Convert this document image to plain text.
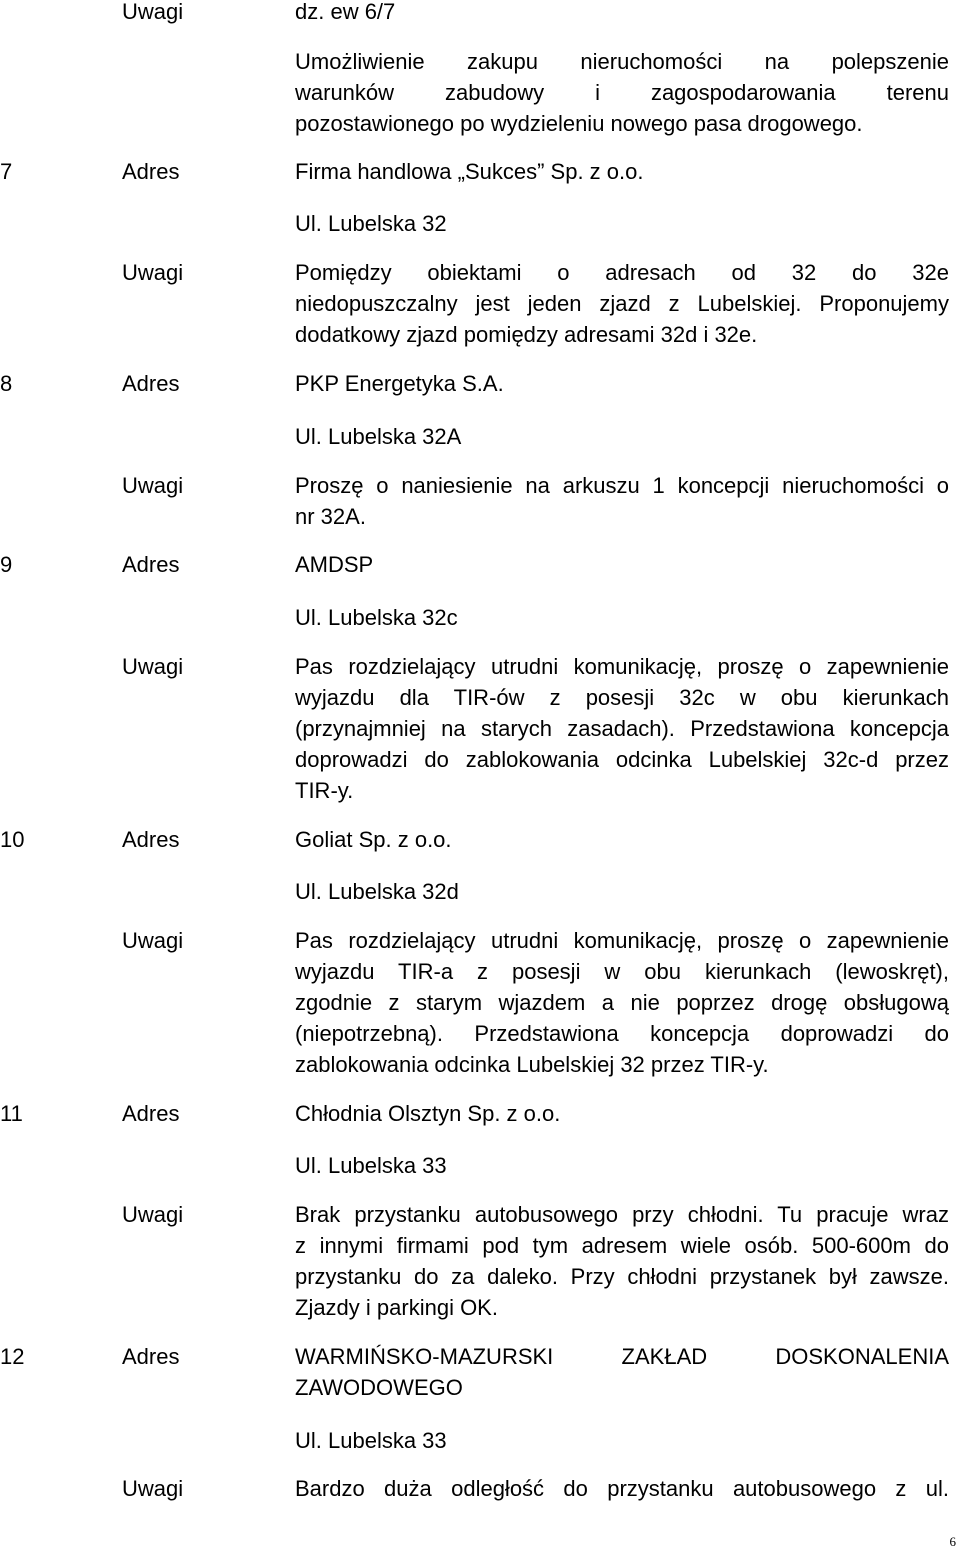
Uwagi	dz. ew 6/7
Umożliwienie zakupu nieruchomości na polepszenie
warunków zabudowy i zagospodarowania terenu
pozostawionego po wydzieleniu nowego pasa drogowego.
7	Adres	Firma handlowa „Sukces” Sp. z o.o.
Ul. Lubelska 32
Uwagi	Pomiędzy obiektami o adresach od 32 do 32e
niedopuszczalny jest jeden zjazd z Lubelskiej. Proponujemy
dodatkowy zjazd pomiędzy adresami 32d i 32e.
8	Adres	PKP Energetyka S.A.
Ul. Lubelska 32A
Uwagi	Proszę o naniesienie na arkuszu 1 koncepcji nieruchomości o
nr 32A.
9	Adres	AMDSP
Ul. Lubelska 32c
Uwagi	Pas rozdzielający utrudni komunikację, proszę o zapewnienie
wyjazdu dla TIR-ów z posesji 32c w obu kierunkach
(przynajmniej na starych zasadach). Przedstawiona koncepcja
doprowadzi do zablokowania odcinka Lubelskiej 32c-d przez
TIR-y.
10	Adres	Goliat Sp. z o.o.
Ul. Lubelska 32d
Uwagi	Pas rozdzielający utrudni komunikację, proszę o zapewnienie
wyjazdu TIR-a z posesji w obu kierunkach (lewoskręt),
zgodnie z starym wjazdem a nie poprzez drogę obsługową
(niepotrzebną). Przedstawiona koncepcja doprowadzi do
zablokowania odcinka Lubelskiej 32 przez TIR-y.
11	Adres	Chłodnia Olsztyn Sp. z o.o.
Ul. Lubelska 33
Uwagi	Brak przystanku autobusowego przy chłodni. Tu pracuje wraz
z innymi firmami pod tym adresem wiele osób. 500-600m do
przystanku do za daleko. Przy chłodni przystanek był zawsze.
Zjazdy i parkingi OK.
12	Adres	WARMIŃSKO-MAZURSKI ZAKŁAD DOSKONALENIA
ZAWODOWEGO
Ul. Lubelska 33
Uwagi	Bardzo duża odległość do przystanku autobusowego z ul.
6
